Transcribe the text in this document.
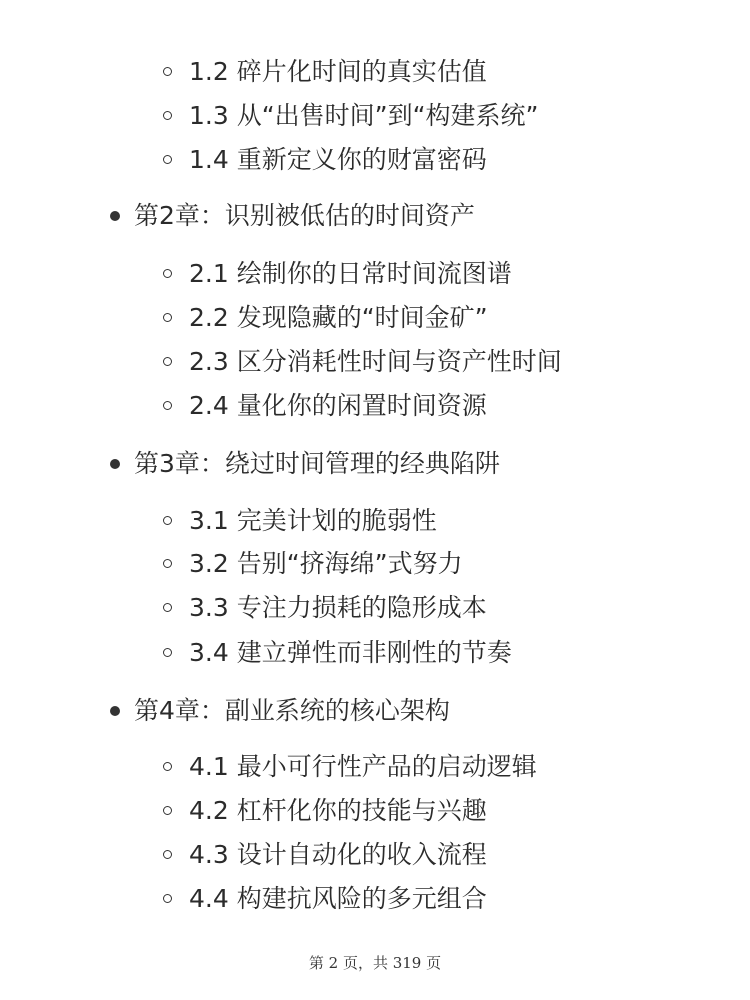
1.2 碎片化时间的真实估值
1.3 从“出售时间”到“构建系统”
1.4 重新定义你的财富密码
第2章：识别被低估的时间资产
2.1 绘制你的日常时间流图谱
2.2 发现隐藏的“时间金矿”
2.3 区分消耗性时间与资产性时间
2.4 量化你的闲置时间资源
第3章：绕过时间管理的经典陷阱
3.1 完美计划的脆弱性
3.2 告别“挤海绵”式努力
3.3 专注力损耗的隐形成本
3.4 建立弹性而非刚性的节奏
第4章：副业系统的核心架构
4.1 最小可行性产品的启动逻辑
4.2 杠杆化你的技能与兴趣
4.3 设计自动化的收入流程
4.4 构建抗风险的多元组合
第 2 页，共 319 页
